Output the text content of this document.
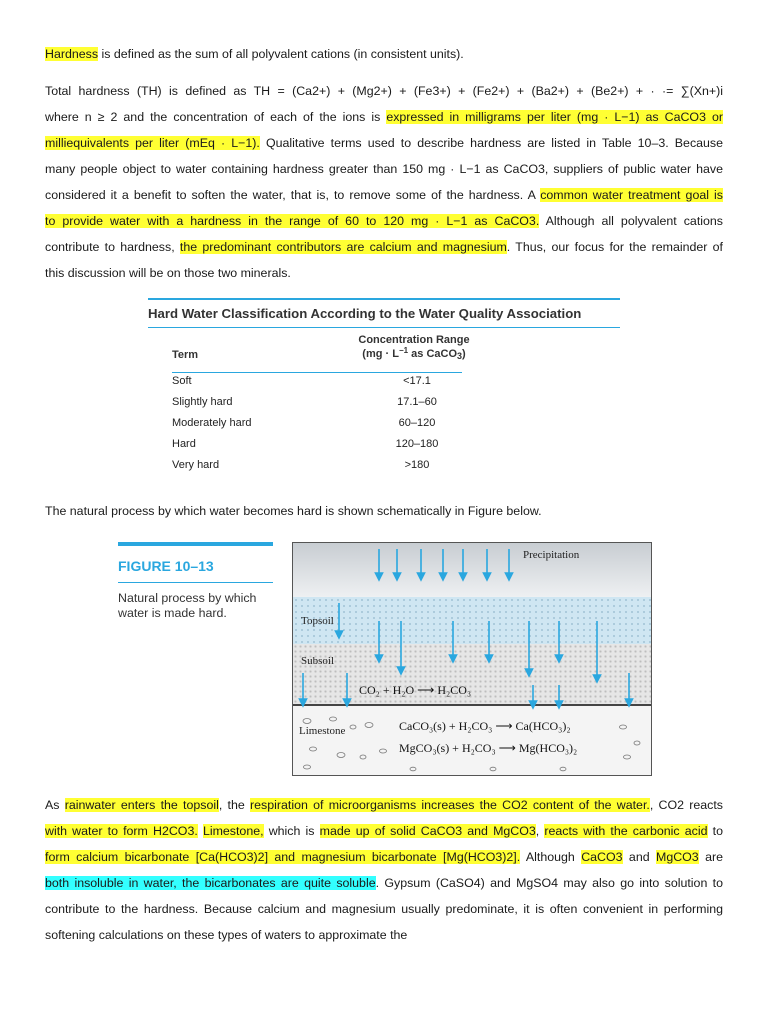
Hardness is defined as the sum of all polyvalent cations (in consistent units).
Total hardness (TH) is defined as TH = (Ca2+) + (Mg2+) + (Fe3+) + (Fe2+) + (Ba2+) + (Be2+) + · ·= ∑(Xn+)i
where n ≥ 2 and the concentration of each of the ions is expressed in milligrams per liter (mg · L−1) as CaCO3 or
milliequivalents per liter (mEq · L−1). Qualitative terms used to describe hardness are listed in Table 10–3. Because
many people object to water containing hardness greater than 150 mg · L−1 as CaCO3, suppliers of public water have
considered it a benefit to soften the water, that is, to remove some of the hardness. A common water treatment goal is
to provide water with a hardness in the range of 60 to 120 mg · L−1 as CaCO3. Although all polyvalent cations
contribute to hardness, the predominant contributors are calcium and magnesium. Thus, our focus for the remainder of
this discussion will be on those two minerals.
Hard Water Classification According to the Water Quality Association
Term
Concentration Range
($mg \cdot L^{-1}$ as CaCO$_3$)
Soft	<17.1
Slightly hard	17.1–60
Moderately hard	60–120
Hard	120–180
Very hard	>180
The natural process by which water becomes hard is shown schematically in Figure below.
FIGURE 10–13
Natural process by which water is made hard.
Precipitation
Topsoil
Subsoil
Limestone
CO₂ + H₂O ⟶ H₂CO₃
CaCO₃(s) + H₂CO₃ ⟶ Ca(HCO₃)₂
MgCO₃(s) + H₂CO₃ ⟶ Mg(HCO₃)₂
As rainwater enters the topsoil, the respiration of microorganisms increases the CO2 content of the water., CO2 reacts
with water to form H2CO3. Limestone, which is made up of solid CaCO3 and MgCO3, reacts with the carbonic acid to
form calcium bicarbonate [Ca(HCO3)2] and magnesium bicarbonate [Mg(HCO3)2]. Although CaCO3 and MgCO3 are
both insoluble in water, the bicarbonates are quite soluble. Gypsum (CaSO4) and MgSO4 may also go into solution to
contribute to the hardness. Because calcium and magnesium usually predominate, it is often convenient in performing
softening calculations on these types of waters to approximate the
